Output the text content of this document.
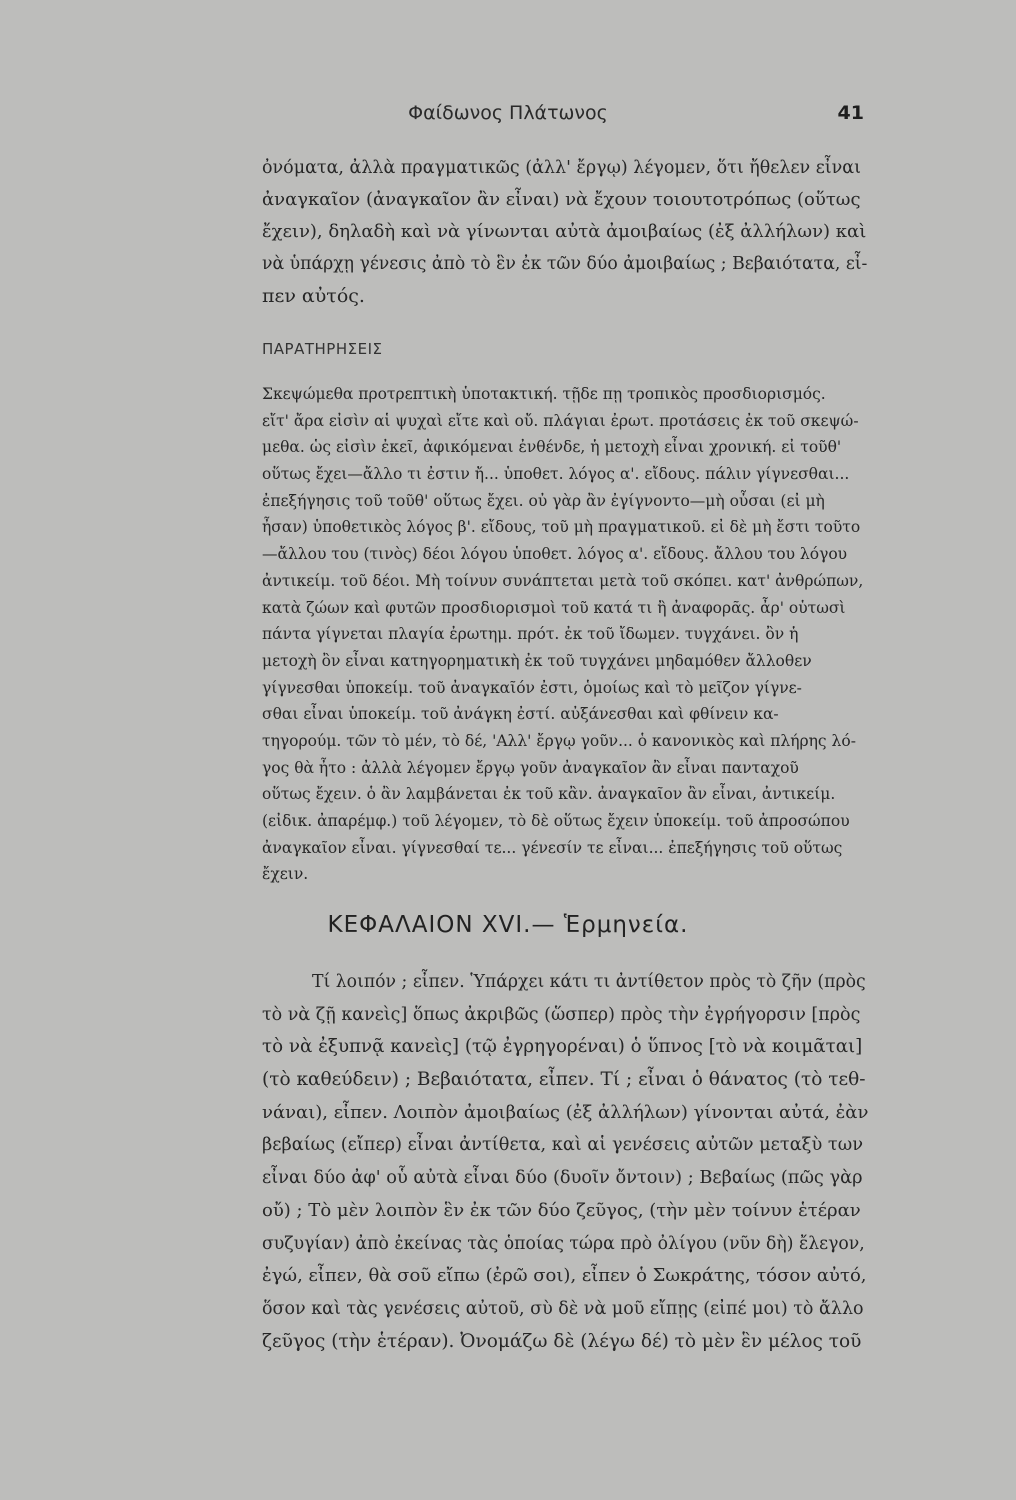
Φαίδωνος Πλάτωνος	41
ὀνόματα, ἀλλὰ πραγματικῶς (ἀλλ' ἔργῳ) λέγομεν, ὅτι ἤθελεν εἶναι
ἀναγκαῖον (ἀναγκαῖον ἂν εἶναι) νὰ ἔχουν τοιουτοτρόπως (οὕτως
ἔχειν), δηλαδὴ καὶ νὰ γίνωνται αὐτὰ ἀμοιβαίως (ἐξ ἀλλήλων) καὶ
νὰ ὑπάρχῃ γένεσις ἀπὸ τὸ ἓν ἐκ τῶν δύο ἀμοιβαίως ; Βεβαιότατα, εἶ-
πεν αὐτός.
ΠΑΡΑΤΗΡΗΣΕΙΣ
Σκεψώμεθα προτρεπτικὴ ὑποτακτική. τῇδε πῃ τροπικὸς προσδιορισμός.
εἴτ' ἄρα εἰσὶν αἱ ψυχαὶ εἴτε καὶ οὔ. πλάγιαι ἐρωτ. προτάσεις ἐκ τοῦ σκεψώ-
μεθα. ὡς εἰσὶν ἐκεῖ, ἀφικόμεναι ἐνθένδε, ἡ μετοχὴ εἶναι χρονική. εἰ τοῦθ'
οὕτως ἔχει—ἄλλο τι ἐστιν ἤ... ὑποθετ. λόγος α'. εἴδους. πάλιν γίγνεσθαι...
ἐπεξήγησις τοῦ τοῦθ' οὕτως ἔχει. οὐ γὰρ ἂν ἐγίγνοντο—μὴ οὖσαι (εἰ μὴ
ἦσαν) ὑποθετικὸς λόγος β'. εἴδους, τοῦ μὴ πραγματικοῦ. εἰ δὲ μὴ ἔστι τοῦτο
—ἄλλου του (τινὸς) δέοι λόγου ὑποθετ. λόγος α'. εἴδους. ἄλλου του λόγου
ἀντικείμ. τοῦ δέοι. Μὴ τοίνυν συνάπτεται μετὰ τοῦ σκόπει. κατ' ἀνθρώπων,
κατὰ ζώων καὶ φυτῶν προσδιορισμοὶ τοῦ κατά τι ἢ ἀναφορᾶς. ἆρ' οὑτωσὶ
πάντα γίγνεται πλαγία ἐρωτημ. πρότ. ἐκ τοῦ ἴδωμεν. τυγχάνει. ὂν ἡ
μετοχὴ ὂν εἶναι κατηγορηματικὴ ἐκ τοῦ τυγχάνει μηδαμόθεν ἄλλοθεν
γίγνεσθαι ὑποκείμ. τοῦ ἀναγκαῖόν ἐστι, ὁμοίως καὶ τὸ μεῖζον γίγνε-
σθαι εἶναι ὑποκείμ. τοῦ ἀνάγκη ἐστί. αὐξάνεσθαι καὶ φθίνειν κα-
τηγορούμ. τῶν τὸ μέν, τὸ δέ, 'Αλλ' ἔργῳ γοῦν... ὁ κανονικὸς καὶ πλήρης λό-
γος θὰ ἦτο : ἀλλὰ λέγομεν ἔργῳ γοῦν ἀναγκαῖον ἂν εἶναι πανταχοῦ
οὕτως ἔχειν. ὁ ἂν λαμβάνεται ἐκ τοῦ κἂν. ἀναγκαῖον ἂν εἶναι, ἀντικείμ.
(εἰδικ. ἀπαρέμφ.) τοῦ λέγομεν, τὸ δὲ οὕτως ἔχειν ὑποκείμ. τοῦ ἀπροσώπου
ἀναγκαῖον εἶναι. γίγνεσθαί τε... γένεσίν τε εἶναι... ἐπεξήγησις τοῦ οὕτως
ἔχειν.
ΚΕΦΑΛΑΙΟΝ XVI.— Ἑρμηνεία.
Τί λοιπόν ; εἶπεν. Ὑπάρχει κάτι τι ἀντίθετον πρὸς τὸ ζῆν (πρὸς
τὸ νὰ ζῇ κανεὶς] ὅπως ἀκριβῶς (ὥσπερ) πρὸς τὴν ἐγρήγορσιν [πρὸς
τὸ νὰ ἐξυπνᾷ κανεὶς] (τῷ ἐγρηγορέναι) ὁ ὕπνος [τὸ νὰ κοιμᾶται]
(τὸ καθεύδειν) ; Βεβαιότατα, εἶπεν. Τί ; εἶναι ὁ θάνατος (τὸ τεθ-
νάναι), εἶπεν. Λοιπὸν ἀμοιβαίως (ἐξ ἀλλήλων) γίνονται αὐτά, ἐὰν
βεβαίως (εἴπερ) εἶναι ἀντίθετα, καὶ αἱ γενέσεις αὐτῶν μεταξὺ των
εἶναι δύο ἀφ' οὗ αὐτὰ εἶναι δύο (δυοῖν ὄντοιν) ; Βεβαίως (πῶς γὰρ
οὔ) ; Τὸ μὲν λοιπὸν ἓν ἐκ τῶν δύο ζεῦγος, (τὴν μὲν τοίνυν ἑτέραν
συζυγίαν) ἀπὸ ἐκείνας τὰς ὁποίας τώρα πρὸ ὀλίγου (νῦν δὴ) ἔλεγον,
ἐγώ, εἶπεν, θὰ σοῦ εἴπω (ἐρῶ σοι), εἶπεν ὁ Σωκράτης, τόσον αὐτό,
ὅσον καὶ τὰς γενέσεις αὐτοῦ, σὺ δὲ νὰ μοῦ εἴπῃς (εἰπέ μοι) τὸ ἄλλο
ζεῦγος (τὴν ἑτέραν). Ὀνομάζω δὲ (λέγω δέ) τὸ μὲν ἓν μέλος τοῦ
